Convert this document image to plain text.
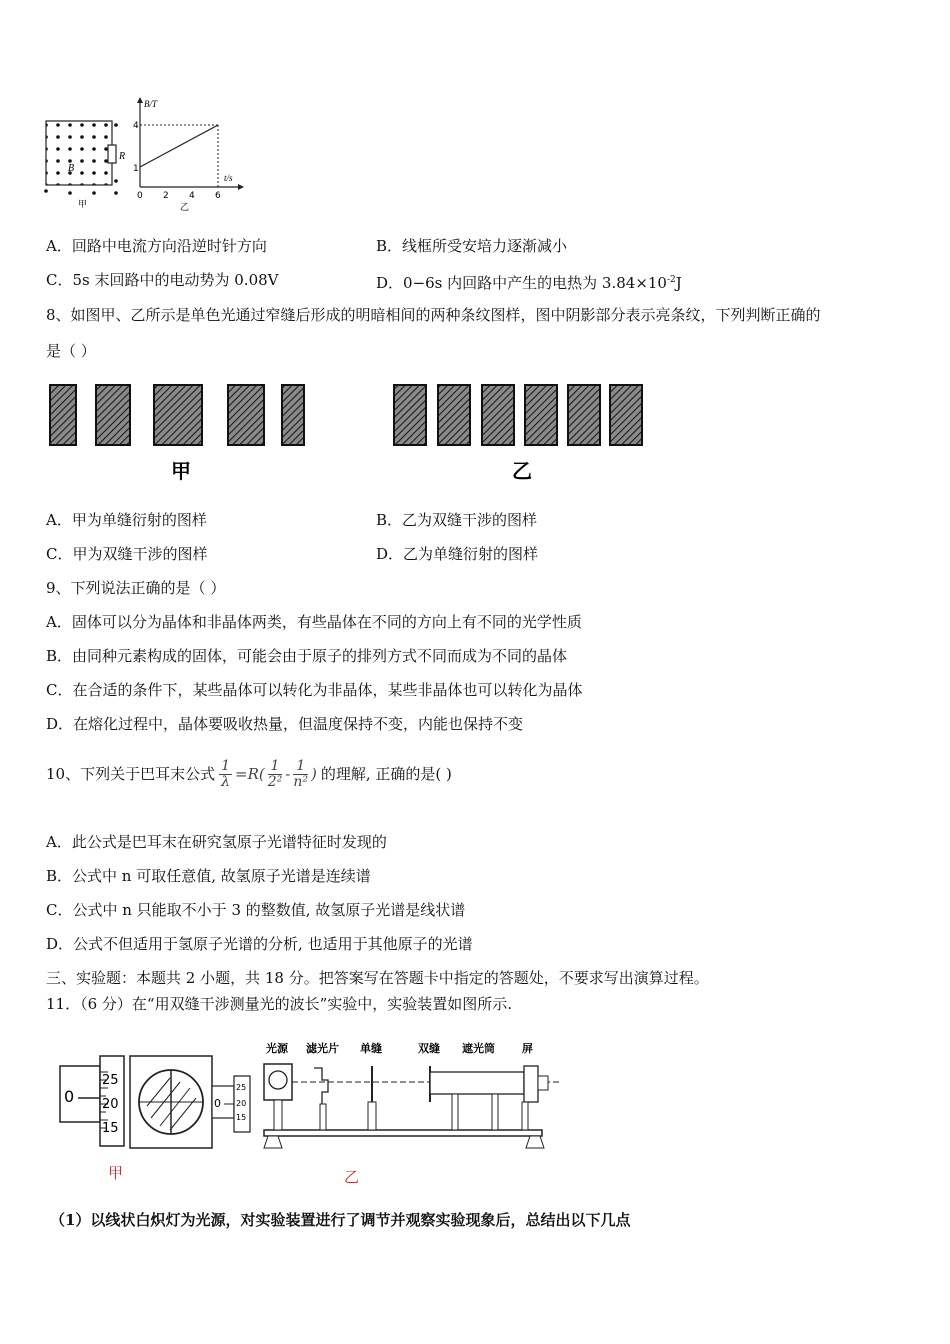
R
B
甲
B/T
t/s
1
4
0 2 4 6
乙
A．回路中电流方向沿逆时针方向	B．线框所受安培力逐渐减小
C．5s 末回路中的电动势为 0.08V	D．0−6s 内回路中产生的电热为 $3.84\times 10^{-2}J$
8、如图甲、乙所示是单色光通过窄缝后形成的明暗相间的两种条纹图样，图中阴影部分表示亮条纹，下列判断正确的
是（ ）
甲	乙
A．甲为单缝衍射的图样	B．乙为双缝干涉的图样
C．甲为双缝干涉的图样	D．乙为单缝衍射的图样
9、下列说法正确的是（ ）
A．固体可以分为晶体和非晶体两类，有些晶体在不同的方向上有不同的光学性质
B．由同种元素构成的固体，可能会由于原子的排列方式不同而成为不同的晶体
C．在合适的条件下，某些晶体可以转化为非晶体，某些非晶体也可以转化为晶体
D．在熔化过程中，晶体要吸收热量，但温度保持不变，内能也保持不变
10、下列关于巴耳末公式 $\frac{1}{\lambda} =R( \frac{1}{\text{2²}} - \frac{1}{\text{n²}}$ ) 的理解, 正确的是( )
A．此公式是巴耳末在研究氢原子光谱特征时发现的
B．公式中 n 可取任意值, 故氢原子光谱是连续谱
C．公式中 n 只能取不小于 3 的整数值, 故氢原子光谱是线状谱
D．公式不但适用于氢原子光谱的分析, 也适用于其他原子的光谱
三、实验题：本题共 2 小题，共 18 分。把答案写在答题卡中指定的答题处，不要求写出演算过程。
11．（6 分）在“用双缝干涉测量光的波长”实验中，实验装置如图所示.
0
25
20
15
0
25
20
15
甲
光源 滤光片 单缝	双缝 遮光筒 屏
乙
（1）以线状白炽灯为光源，对实验装置进行了调节并观察实验现象后，总结出以下几点
